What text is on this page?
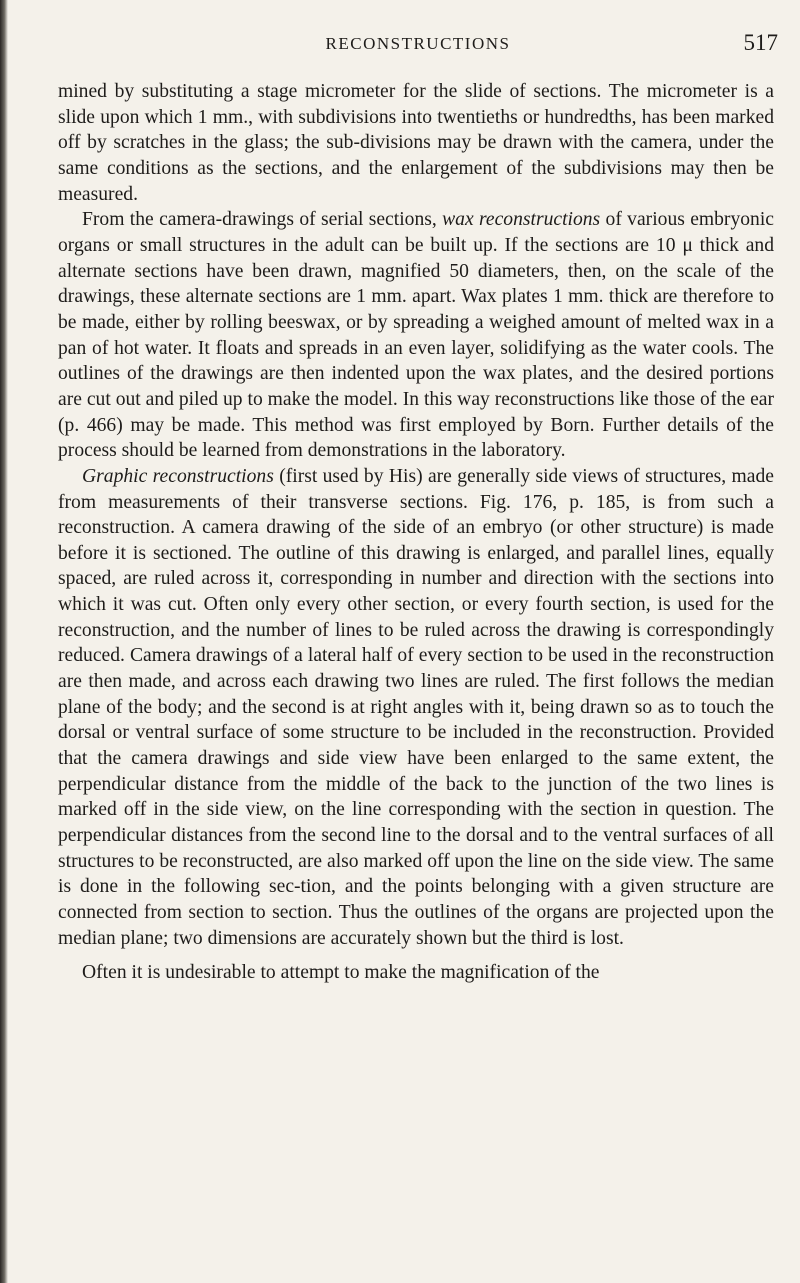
RECONSTRUCTIONS	517

mined by substituting a stage micrometer for the slide of sections. The micrometer is a slide upon which 1 mm., with subdivisions into twentieths or hundredths, has been marked off by scratches in the glass; the sub-divisions may be drawn with the camera, under the same conditions as the sections, and the enlargement of the subdivisions may then be measured.

From the camera-drawings of serial sections, wax reconstructions of various embryonic organs or small structures in the adult can be built up. If the sections are 10 μ thick and alternate sections have been drawn, magnified 50 diameters, then, on the scale of the drawings, these alternate sections are 1 mm. apart. Wax plates 1 mm. thick are therefore to be made, either by rolling beeswax, or by spreading a weighed amount of melted wax in a pan of hot water. It floats and spreads in an even layer, solidifying as the water cools. The outlines of the drawings are then indented upon the wax plates, and the desired portions are cut out and piled up to make the model. In this way reconstructions like those of the ear (p. 466) may be made. This method was first employed by Born. Further details of the process should be learned from demonstrations in the laboratory.

Graphic reconstructions (first used by His) are generally side views of structures, made from measurements of their transverse sections. Fig. 176, p. 185, is from such a reconstruction. A camera drawing of the side of an embryo (or other structure) is made before it is sectioned. The outline of this drawing is enlarged, and parallel lines, equally spaced, are ruled across it, corresponding in number and direction with the sections into which it was cut. Often only every other section, or every fourth section, is used for the reconstruction, and the number of lines to be ruled across the drawing is correspondingly reduced. Camera drawings of a lateral half of every section to be used in the reconstruction are then made, and across each drawing two lines are ruled. The first follows the median plane of the body; and the second is at right angles with it, being drawn so as to touch the dorsal or ventral surface of some structure to be included in the reconstruction. Provided that the camera drawings and side view have been enlarged to the same extent, the perpendicular distance from the middle of the back to the junction of the two lines is marked off in the side view, on the line corresponding with the section in question. The perpendicular distances from the second line to the dorsal and to the ventral surfaces of all structures to be reconstructed, are also marked off upon the line on the side view. The same is done in the following sec-tion, and the points belonging with a given structure are connected from section to section. Thus the outlines of the organs are projected upon the median plane; two dimensions are accurately shown but the third is lost.

Often it is undesirable to attempt to make the magnification of the
